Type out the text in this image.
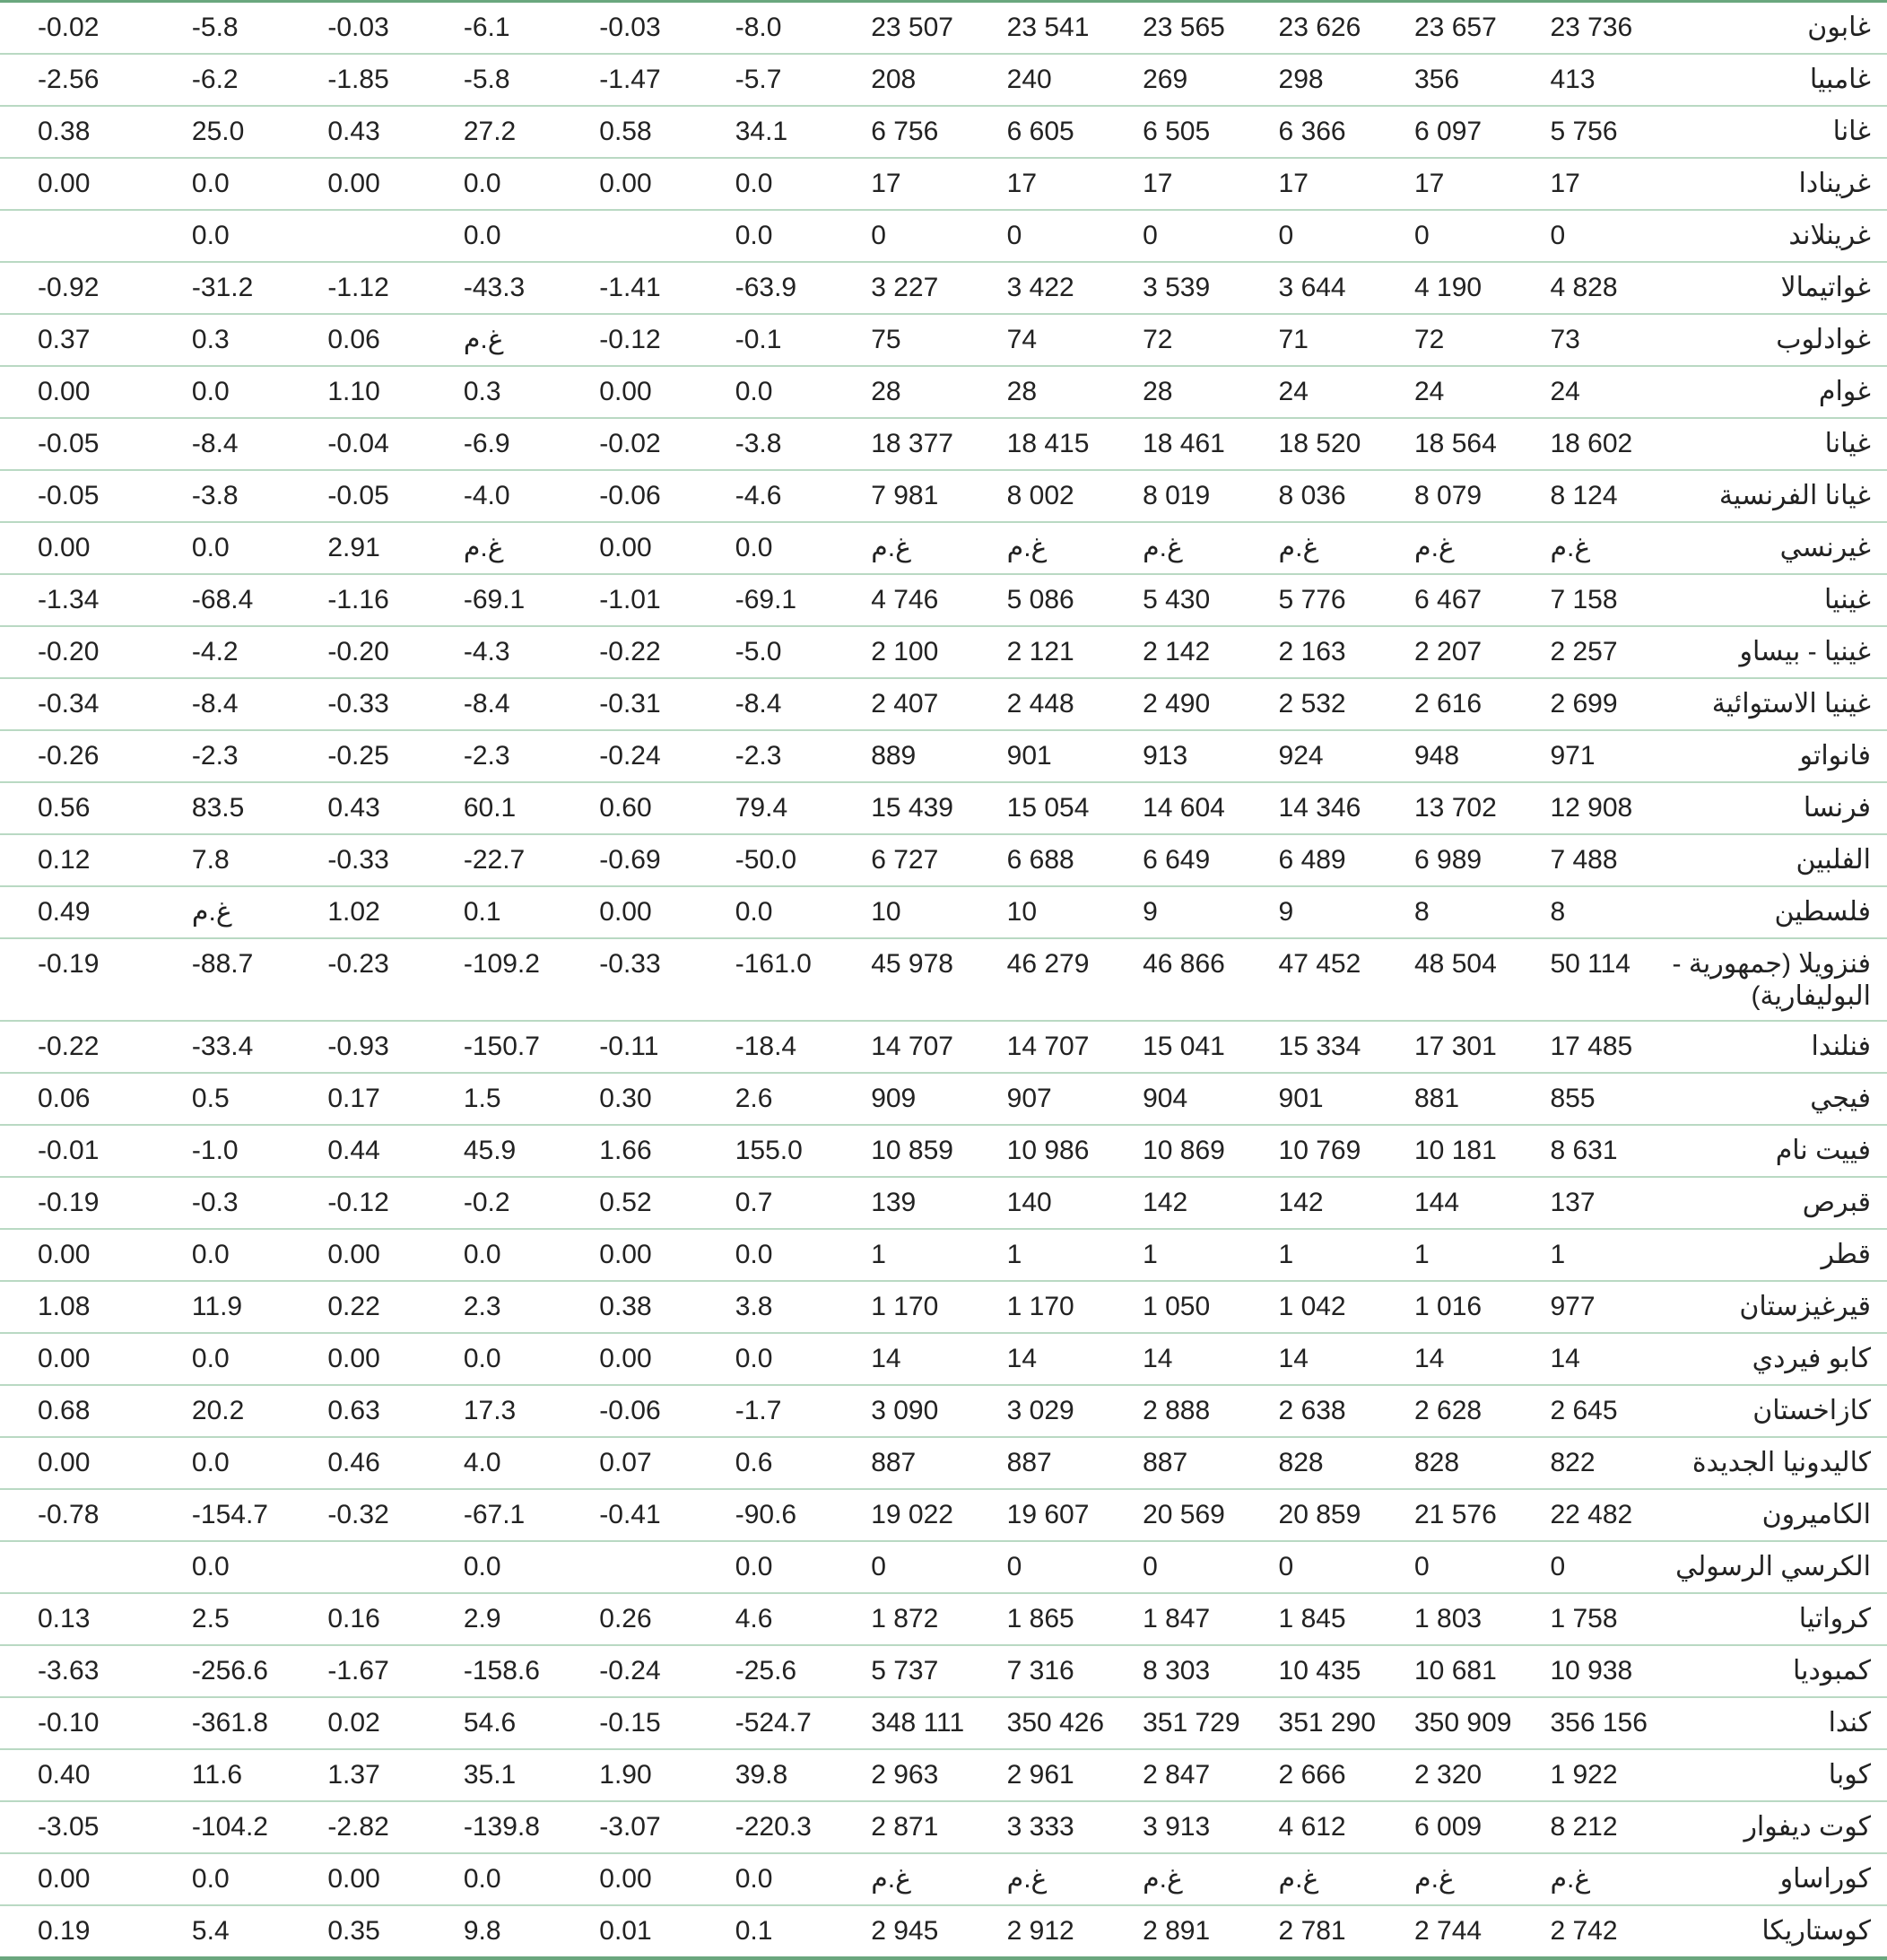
-0.02	-5.8	-0.03	-6.1	-0.03	-8.0	23 507	23 541	23 565	23 626	23 657	23 736	غابون
-2.56	-6.2	-1.85	-5.8	-1.47	-5.7	208	240	269	298	356	413	غامبيا
0.38	25.0	0.43	27.2	0.58	34.1	6 756	6 605	6 505	6 366	6 097	5 756	غانا
0.00	0.0	0.00	0.0	0.00	0.0	17	17	17	17	17	17	غرينادا
	0.0		0.0		0.0	0	0	0	0	0	0	غرينلاند
-0.92	-31.2	-1.12	-43.3	-1.41	-63.9	3 227	3 422	3 539	3 644	4 190	4 828	غواتيمالا
0.37	0.3	0.06	غ.م	-0.12	-0.1	75	74	72	71	72	73	غوادلوب
0.00	0.0	1.10	0.3	0.00	0.0	28	28	28	24	24	24	غوام
-0.05	-8.4	-0.04	-6.9	-0.02	-3.8	18 377	18 415	18 461	18 520	18 564	18 602	غيانا
-0.05	-3.8	-0.05	-4.0	-0.06	-4.6	7 981	8 002	8 019	8 036	8 079	8 124	غيانا الفرنسية
0.00	0.0	2.91	غ.م	0.00	0.0	غ.م	غ.م	غ.م	غ.م	غ.م	غ.م	غيرنسي
-1.34	-68.4	-1.16	-69.1	-1.01	-69.1	4 746	5 086	5 430	5 776	6 467	7 158	غينيا
-0.20	-4.2	-0.20	-4.3	-0.22	-5.0	2 100	2 121	2 142	2 163	2 207	2 257	غينيا - بيساو
-0.34	-8.4	-0.33	-8.4	-0.31	-8.4	2 407	2 448	2 490	2 532	2 616	2 699	غينيا الاستوائية
-0.26	-2.3	-0.25	-2.3	-0.24	-2.3	889	901	913	924	948	971	فانواتو
0.56	83.5	0.43	60.1	0.60	79.4	15 439	15 054	14 604	14 346	13 702	12 908	فرنسا
0.12	7.8	-0.33	-22.7	-0.69	-50.0	6 727	6 688	6 649	6 489	6 989	7 488	الفلبين
0.49	غ.م	1.02	0.1	0.00	0.0	10	10	9	9	8	8	فلسطين
-0.19	-88.7	-0.23	-109.2	-0.33	-161.0	45 978	46 279	46 866	47 452	48 504	50 114	فنزويلا (جمهورية - البوليفارية)
-0.22	-33.4	-0.93	-150.7	-0.11	-18.4	14 707	14 707	15 041	15 334	17 301	17 485	فنلندا
0.06	0.5	0.17	1.5	0.30	2.6	909	907	904	901	881	855	فيجي
-0.01	-1.0	0.44	45.9	1.66	155.0	10 859	10 986	10 869	10 769	10 181	8 631	فييت نام
-0.19	-0.3	-0.12	-0.2	0.52	0.7	139	140	142	142	144	137	قبرص
0.00	0.0	0.00	0.0	0.00	0.0	1	1	1	1	1	1	قطر
1.08	11.9	0.22	2.3	0.38	3.8	1 170	1 170	1 050	1 042	1 016	977	قيرغيزستان
0.00	0.0	0.00	0.0	0.00	0.0	14	14	14	14	14	14	كابو فيردي
0.68	20.2	0.63	17.3	-0.06	-1.7	3 090	3 029	2 888	2 638	2 628	2 645	كازاخستان
0.00	0.0	0.46	4.0	0.07	0.6	887	887	887	828	828	822	كاليدونيا الجديدة
-0.78	-154.7	-0.32	-67.1	-0.41	-90.6	19 022	19 607	20 569	20 859	21 576	22 482	الكاميرون
	0.0		0.0		0.0	0	0	0	0	0	0	الكرسي الرسولي
0.13	2.5	0.16	2.9	0.26	4.6	1 872	1 865	1 847	1 845	1 803	1 758	كرواتيا
-3.63	-256.6	-1.67	-158.6	-0.24	-25.6	5 737	7 316	8 303	10 435	10 681	10 938	كمبوديا
-0.10	-361.8	0.02	54.6	-0.15	-524.7	348 111	350 426	351 729	351 290	350 909	356 156	كندا
0.40	11.6	1.37	35.1	1.90	39.8	2 963	2 961	2 847	2 666	2 320	1 922	كوبا
-3.05	-104.2	-2.82	-139.8	-3.07	-220.3	2 871	3 333	3 913	4 612	6 009	8 212	كوت ديفوار
0.00	0.0	0.00	0.0	0.00	0.0	غ.م	غ.م	غ.م	غ.م	غ.م	غ.م	كوراساو
0.19	5.4	0.35	9.8	0.01	0.1	2 945	2 912	2 891	2 781	2 744	2 742	كوستاريكا
